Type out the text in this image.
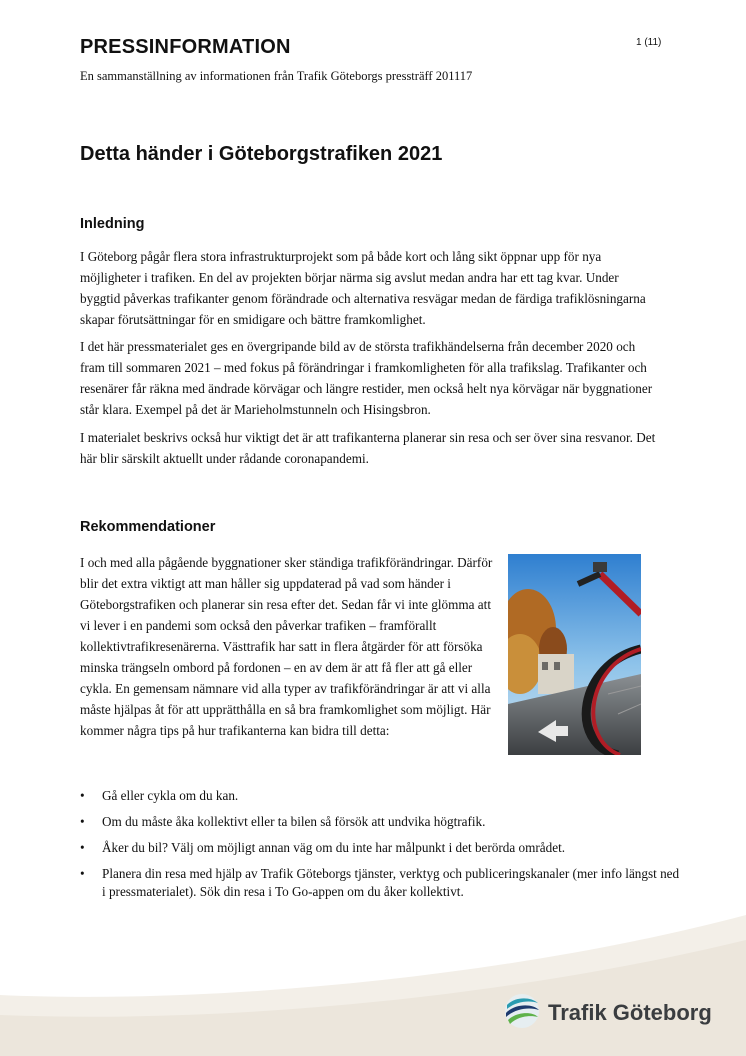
PRESSINFORMATION	1 (11)
En sammanställning av informationen från Trafik Göteborgs pressträff 201117
Detta händer i Göteborgstrafiken 2021
Inledning
I Göteborg pågår flera stora infrastrukturprojekt som på både kort och lång sikt öppnar upp för nya möjligheter i trafiken. En del av projekten börjar närma sig avslut medan andra har ett tag kvar. Under byggtid påverkas trafikanter genom förändrade och alternativa resvägar medan de färdiga trafiklösningarna skapar förutsättningar för en smidigare och bättre framkomlighet.
I det här pressmaterialet ges en övergripande bild av de största trafikhändelserna från december 2020 och fram till sommaren 2021 – med fokus på förändringar i framkomligheten för alla trafikslag. Trafikanter och resenärer får räkna med ändrade körvägar och längre restider, men också helt nya körvägar när byggnationer står klara. Exempel på det är Marieholmstunneln och Hisingsbron.
I materialet beskrivs också hur viktigt det är att trafikanterna planerar sin resa och ser över sina resvanor. Det här blir särskilt aktuellt under rådande coronapandemi.
Rekommendationer
I och med alla pågående byggnationer sker ständiga trafikförändringar. Därför blir det extra viktigt att man håller sig uppdaterad på vad som händer i Göteborgstrafiken och planerar sin resa efter det. Sedan får vi inte glömma att vi lever i en pandemi som också den påverkar trafiken – framförallt kollektivtrafikresenärerna. Västtrafik har satt in flera åtgärder för att försöka minska trängseln ombord på fordonen – en av dem är att få fler att gå eller cykla. En gemensam nämnare vid alla typer av trafikförändringar är att vi alla måste hjälpas åt för att upprätthålla en så bra framkomlighet som möjligt. Här kommer några tips på hur trafikanterna kan bidra till detta:
• Gå eller cykla om du kan.
• Om du måste åka kollektivt eller ta bilen så försök att undvika högtrafik.
• Åker du bil? Välj om möjligt annan väg om du inte har målpunkt i det berörda området.
• Planera din resa med hjälp av Trafik Göteborgs tjänster, verktyg och publiceringskanaler (mer info längst ned i pressmaterialet). Sök din resa i To Go-appen om du åker kollektivt.
Trafik Göteborg
